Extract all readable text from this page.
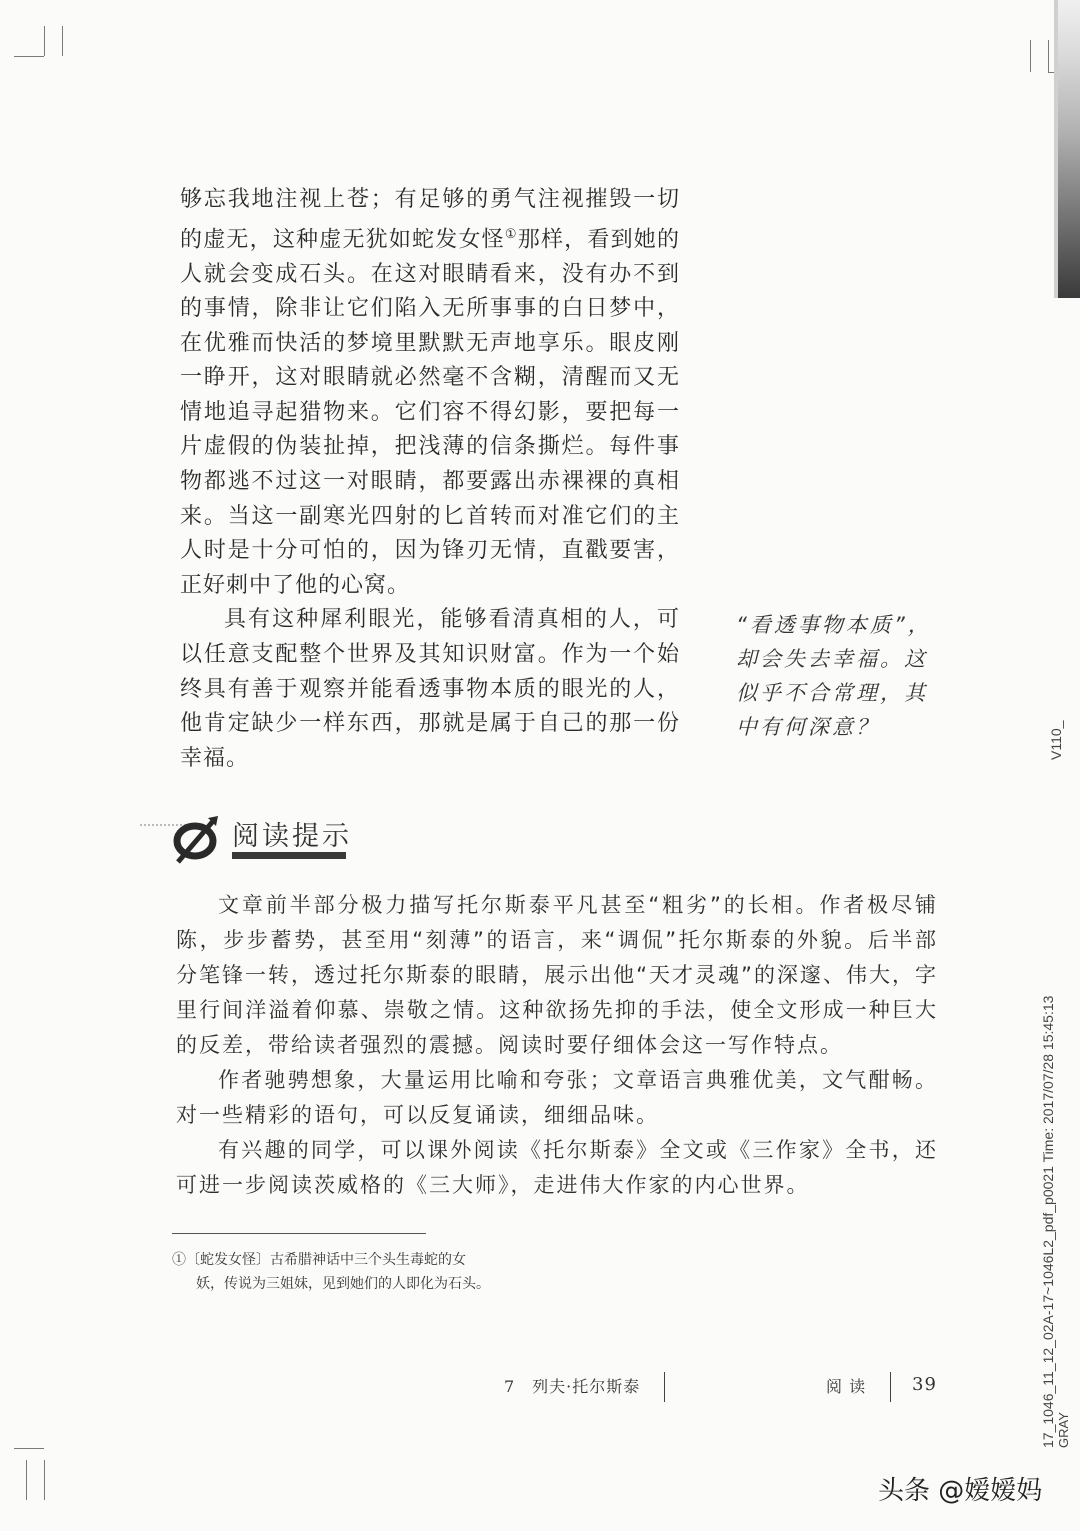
V110_
17_1046_11_12_02A-17~1046L2_pdf_p0021 Time: 2017/07/28 15:45:13 GRAY

够忘我地注视上苍；有足够的勇气注视摧毁一切的虚无，这种虚无犹如蛇发女怪①那样，看到她的人就会变成石头。在这对眼睛看来，没有办不到的事情，除非让它们陷入无所事事的白日梦中，在优雅而快活的梦境里默默无声地享乐。眼皮刚一睁开，这对眼睛就必然毫不含糊，清醒而又无情地追寻起猎物来。它们容不得幻影，要把每一片虚假的伪装扯掉，把浅薄的信条撕烂。每件事物都逃不过这一对眼睛，都要露出赤裸裸的真相来。当这一副寒光四射的匕首转而对准它们的主人时是十分可怕的，因为锋刃无情，直戳要害，正好刺中了他的心窝。

具有这种犀利眼光，能够看清真相的人，可以任意支配整个世界及其知识财富。作为一个始终具有善于观察并能看透事物本质的眼光的人，他肯定缺少一样东西，那就是属于自己的那一份幸福。

“看透事物本质”，却会失去幸福。这似乎不合常理，其中有何深意？
阅读提示

文章前半部分极力描写托尔斯泰平凡甚至“粗劣”的长相。作者极尽铺陈，步步蓄势，甚至用“刻薄”的语言，来“调侃”托尔斯泰的外貌。后半部分笔锋一转，透过托尔斯泰的眼睛，展示出他“天才灵魂”的深邃、伟大，字里行间洋溢着仰慕、崇敬之情。这种欲扬先抑的手法，使全文形成一种巨大的反差，带给读者强烈的震撼。阅读时要仔细体会这一写作特点。

作者驰骋想象，大量运用比喻和夸张；文章语言典雅优美，文气酣畅。对一些精彩的语句，可以反复诵读，细细品味。

有兴趣的同学，可以课外阅读《托尔斯泰》全文或《三作家》全书，还可进一步阅读茨威格的《三大师》，走进伟大作家的内心世界。

①〔蛇发女怪〕古希腊神话中三个头生毒蛇的女
妖，传说为三姐妹，见到她们的人即化为石头。
7　列夫·托尔斯泰	阅 读	39
头条 @嫒嫒妈
